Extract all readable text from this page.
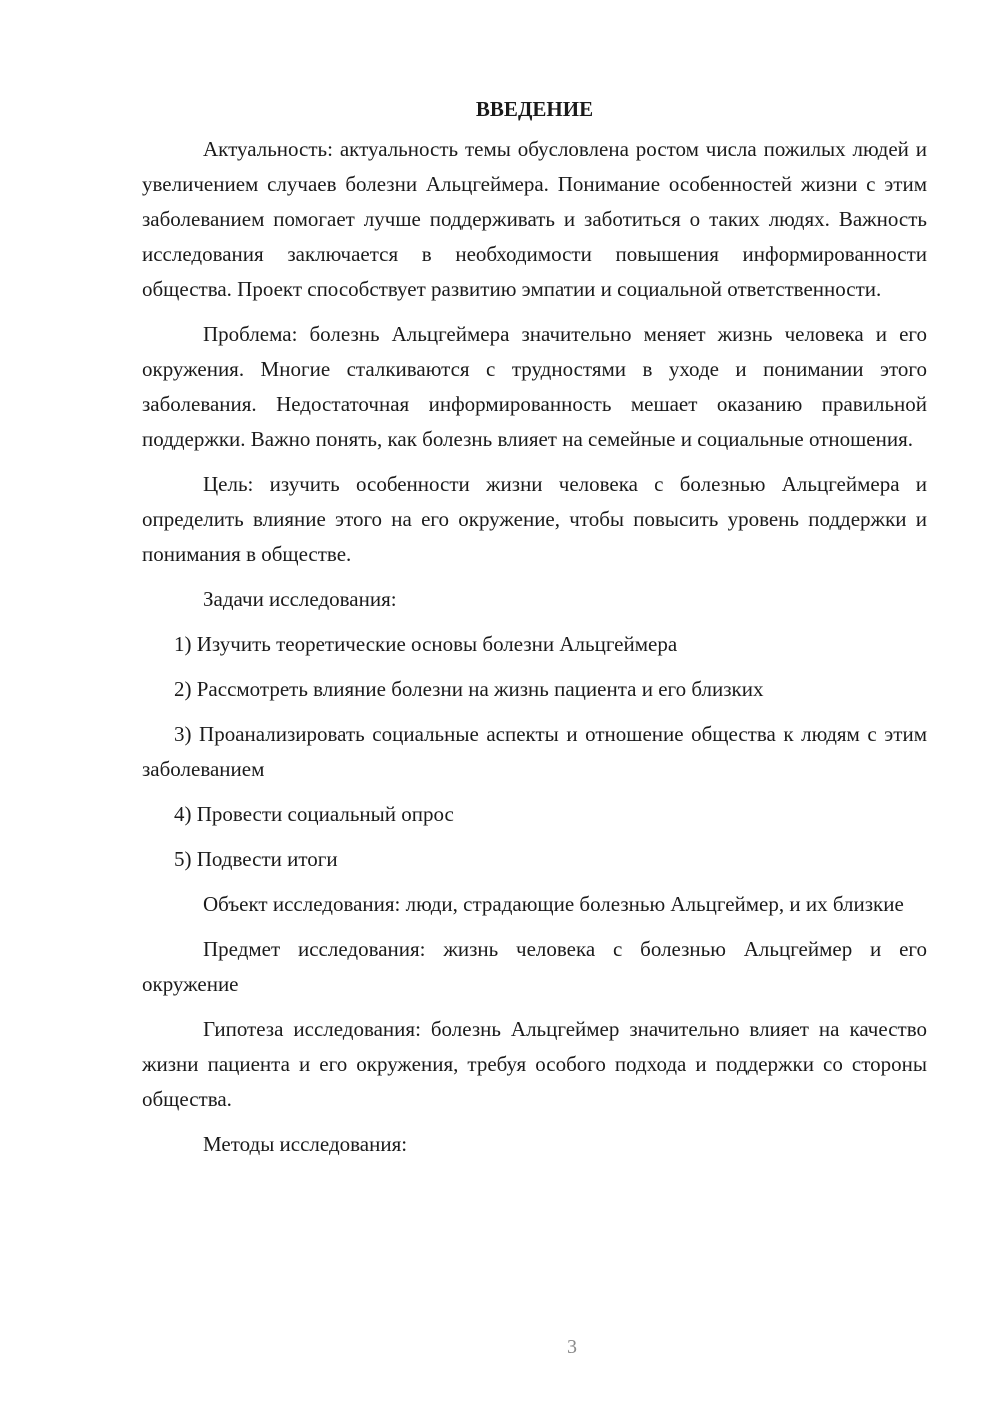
ВВЕДЕНИЕ

Актуальность: актуальность темы обусловлена ростом числа пожилых людей и увеличением случаев болезни Альцгеймера. Понимание особенностей жизни с этим заболеванием помогает лучше поддерживать и заботиться о таких людях. Важность исследования заключается в необходимости повышения информированности общества. Проект способствует развитию эмпатии и социальной ответственности.

Проблема: болезнь Альцгеймера значительно меняет жизнь человека и его окружения. Многие сталкиваются с трудностями в уходе и понимании этого заболевания. Недостаточная информированность мешает оказанию правильной поддержки. Важно понять, как болезнь влияет на семейные и социальные отношения.

Цель: изучить особенности жизни человека с болезнью Альцгеймера и определить влияние этого на его окружение, чтобы повысить уровень поддержки и понимания в обществе.

Задачи исследования:

1) Изучить теоретические основы болезни Альцгеймера

2) Рассмотреть влияние болезни на жизнь пациента и его близких

3) Проанализировать социальные аспекты и отношение общества к людям с этим заболеванием

4) Провести социальный опрос

5) Подвести итоги

Объект исследования: люди, страдающие болезнью Альцгеймер, и их близкие

Предмет исследования: жизнь человека с болезнью Альцгеймер и его окружение

Гипотеза исследования: болезнь Альцгеймер значительно влияет на качество жизни пациента и его окружения, требуя особого подхода и поддержки со стороны общества.

Методы исследования:

3
